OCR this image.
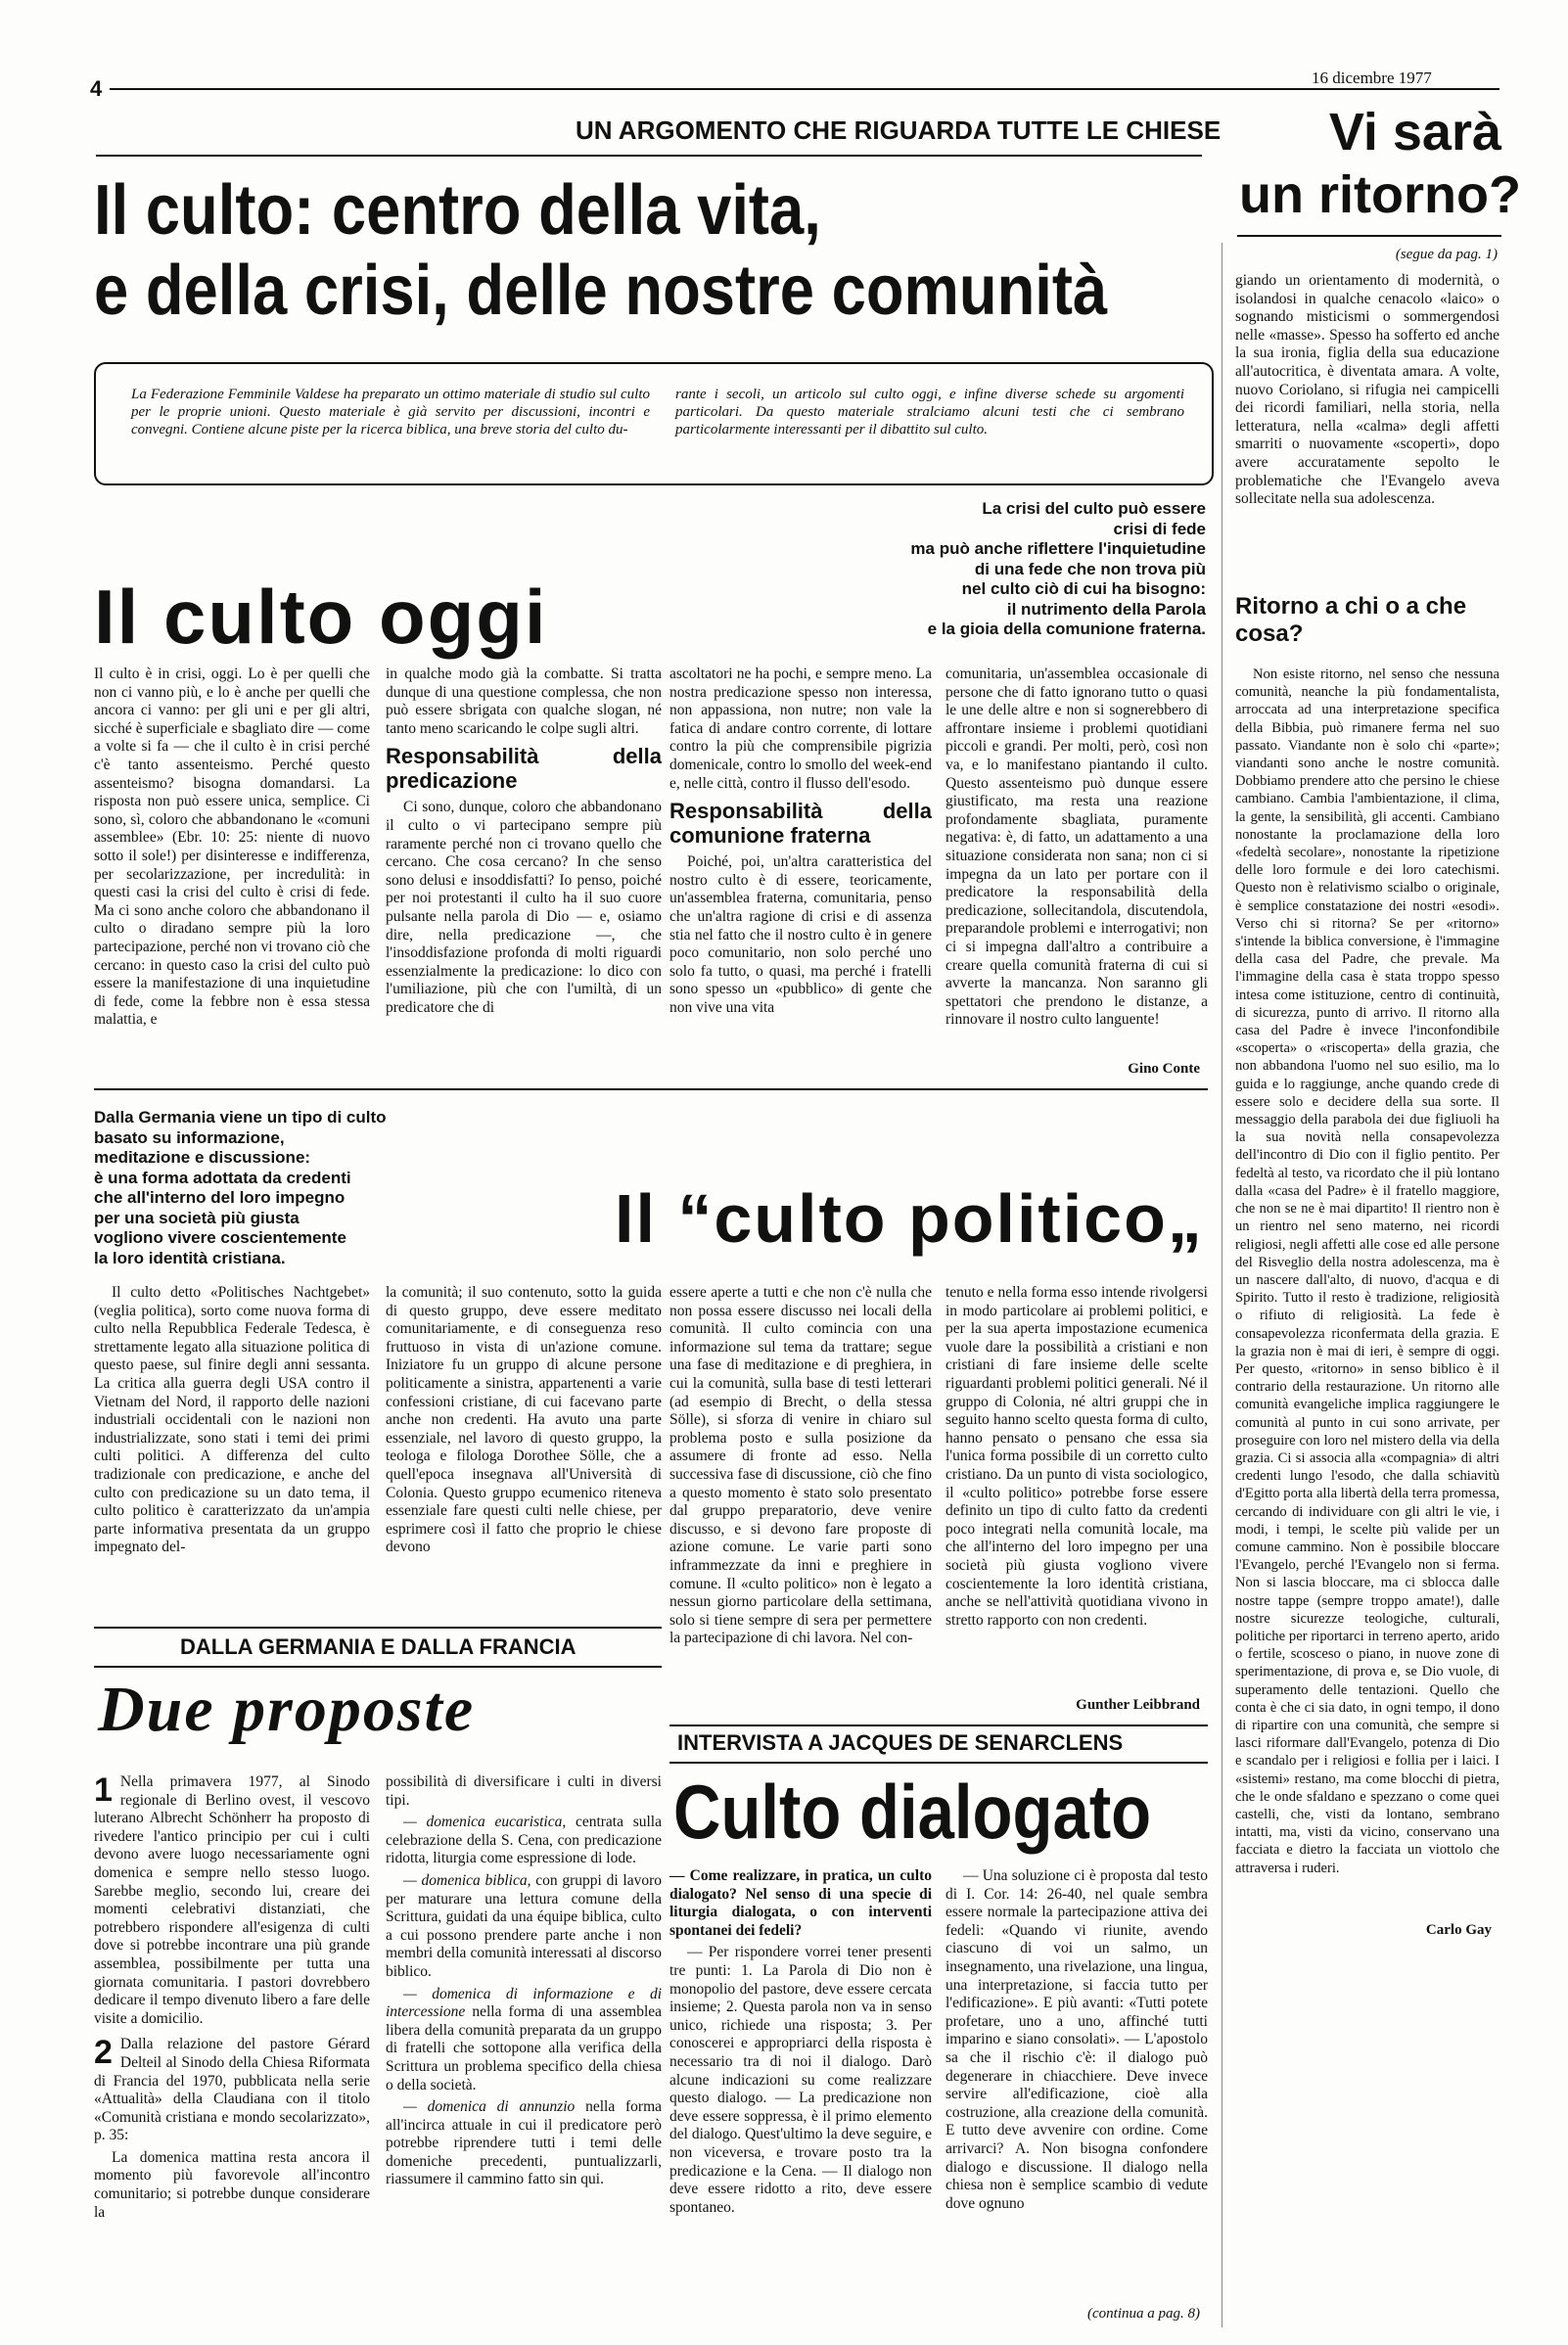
4	16 dicembre 1977
UN ARGOMENTO CHE RIGUARDA TUTTE LE CHIESE
Il culto: centro della vita,
e della crisi, delle nostre comunità
La Federazione Femminile Valdese ha preparato un ottimo materiale di studio sul culto per le proprie unioni. Questo materiale è già servito per discussioni, incontri e convegni. Contiene alcune piste per la ricerca biblica, una breve storia del culto du-
rante i secoli, un articolo sul culto oggi, e infine diverse schede su argomenti particolari. Da questo materiale stralciamo alcuni testi che ci sembrano particolarmente interessanti per il dibattito sul culto.
Il culto oggi
La crisi del culto può essere
crisi di fede
ma può anche riflettere l'inquietudine
di una fede che non trova più
nel culto ciò di cui ha bisogno:
il nutrimento della Parola
e la gioia della comunione fraterna.

Il culto è in crisi, oggi. Lo è per quelli che non ci vanno più, e lo è anche per quelli che ancora ci vanno: per gli uni e per gli altri, sicché è superficiale e sbagliato dire — come a volte si fa — che il culto è in crisi perché c'è tanto assenteismo. Perché questo assenteismo? bisogna domandarsi. La risposta non può essere unica, semplice. Ci sono, sì, coloro che abbandonano le «comuni assemblee» (Ebr. 10: 25: niente di nuovo sotto il sole!) per disinteresse e indifferenza, per secolarizzazione, per incredulità: in questi casi la crisi del culto è crisi di fede. Ma ci sono anche coloro che abbandonano il culto o diradano sempre più la loro partecipazione, perché non vi trovano ciò che cercano: in questo caso la crisi del culto può essere la manifestazione di una inquietudine di fede, come la febbre non è essa stessa malattia, e

in qualche modo già la combatte. Si tratta dunque di una questione complessa, che non può essere sbrigata con qualche slogan, né tanto meno scaricando le colpe sugli altri.

Responsabilità della predicazione

Ci sono, dunque, coloro che abbandonano il culto o vi partecipano sempre più raramente perché non ci trovano quello che cercano. Che cosa cercano? In che senso sono delusi e insoddisfatti? Io penso, poiché per noi protestanti il culto ha il suo cuore pulsante nella parola di Dio — e, osiamo dire, nella predicazione —, che l'insoddisfazione profonda di molti riguardi essenzialmente la predicazione: lo dico con l'umiliazione, più che con l'umiltà, di un predicatore che di

ascoltatori ne ha pochi, e sempre meno. La nostra predicazione spesso non interessa, non appassiona, non nutre; non vale la fatica di andare contro corrente, di lottare contro la più che comprensibile pigrizia domenicale, contro lo smollo del week-end e, nelle città, contro il flusso dell'esodo.

Responsabilità della comunione fraterna

Poiché, poi, un'altra caratteristica del nostro culto è di essere, teoricamente, un'assemblea fraterna, comunitaria, penso che un'altra ragione di crisi e di assenza stia nel fatto che il nostro culto è in genere poco comunitario, non solo perché uno solo fa tutto, o quasi, ma perché i fratelli sono spesso un «pubblico» di gente che non vive una vita

comunitaria, un'assemblea occasionale di persone che di fatto ignorano tutto o quasi le une delle altre e non si sognerebbero di affrontare insieme i problemi quotidiani piccoli e grandi. Per molti, però, così non va, e lo manifestano piantando il culto. Questo assenteismo può dunque essere giustificato, ma resta una reazione profondamente sbagliata, puramente negativa: è, di fatto, un adattamento a una situazione considerata non sana; non ci si impegna da un lato per portare con il predicatore la responsabilità della predicazione, sollecitandola, discutendola, preparandole problemi e interrogativi; non ci si impegna dall'altro a contribuire a creare quella comunità fraterna di cui si avverte la mancanza. Non saranno gli spettatori che prendono le distanze, a rinnovare il nostro culto languente!

Gino Conte
Dalla Germania viene un tipo di culto
basato su informazione,
meditazione e discussione:
è una forma adottata da credenti
che all'interno del loro impegno
per una società più giusta
vogliono vivere coscientemente
la loro identità cristiana.
Il “culto politico„

Il culto detto «Politisches Nachtgebet» (veglia politica), sorto come nuova forma di culto nella Repubblica Federale Tedesca, è strettamente legato alla situazione politica di questo paese, sul finire degli anni sessanta. La critica alla guerra degli USA contro il Vietnam del Nord, il rapporto delle nazioni industriali occidentali con le nazioni non industrializzate, sono stati i temi dei primi culti politici. A differenza del culto tradizionale con predicazione, e anche del culto con predicazione su un dato tema, il culto politico è caratterizzato da un'ampia parte informativa presentata da un gruppo impegnato del-

la comunità; il suo contenuto, sotto la guida di questo gruppo, deve essere meditato comunitariamente, e di conseguenza reso fruttuoso in vista di un'azione comune. Iniziatore fu un gruppo di alcune persone politicamente a sinistra, appartenenti a varie confessioni cristiane, di cui facevano parte anche non credenti. Ha avuto una parte essenziale, nel lavoro di questo gruppo, la teologa e filologa Dorothee Sölle, che a quell'epoca insegnava all'Università di Colonia. Questo gruppo ecumenico riteneva essenziale fare questi culti nelle chiese, per esprimere così il fatto che proprio le chiese devono

essere aperte a tutti e che non c'è nulla che non possa essere discusso nei locali della comunità. Il culto comincia con una informazione sul tema da trattare; segue una fase di meditazione e di preghiera, in cui la comunità, sulla base di testi letterari (ad esempio di Brecht, o della stessa Sölle), si sforza di venire in chiaro sul problema posto e sulla posizione da assumere di fronte ad esso. Nella successiva fase di discussione, ciò che fino a questo momento è stato solo presentato dal gruppo preparatorio, deve venire discusso, e si devono fare proposte di azione comune. Le varie parti sono inframmezzate da inni e preghiere in comune. Il «culto politico» non è legato a nessun giorno particolare della settimana, solo si tiene sempre di sera per permettere la partecipazione di chi lavora. Nel con-

tenuto e nella forma esso intende rivolgersi in modo particolare ai problemi politici, e per la sua aperta impostazione ecumenica vuole dare la possibilità a cristiani e non cristiani di fare insieme delle scelte riguardanti problemi politici generali. Né il gruppo di Colonia, né altri gruppi che in seguito hanno scelto questa forma di culto, hanno pensato o pensano che essa sia l'unica forma possibile di un corretto culto cristiano. Da un punto di vista sociologico, il «culto politico» potrebbe forse essere definito un tipo di culto fatto da credenti poco integrati nella comunità locale, ma che all'interno del loro impegno per una società più giusta vogliono vivere coscientemente la loro identità cristiana, anche se nell'attività quotidiana vivono in stretto rapporto con non credenti.

Gunther Leibbrand
DALLA GERMANIA E DALLA FRANCIA
Due proposte

1 Nella primavera 1977, al Sinodo regionale di Berlino ovest, il vescovo luterano Albrecht Schönherr ha proposto di rivedere l'antico principio per cui i culti devono avere luogo necessariamente ogni domenica e sempre nello stesso luogo. Sarebbe meglio, secondo lui, creare dei momenti celebrativi distanziati, che potrebbero rispondere all'esigenza di culti dove si potrebbe incontrare una più grande assemblea, possibilmente per tutta una giornata comunitaria. I pastori dovrebbero dedicare il tempo divenuto libero a fare delle visite a domicilio.

2 Dalla relazione del pastore Gérard Delteil al Sinodo della Chiesa Riformata di Francia del 1970, pubblicata nella serie «Attualità» della Claudiana con il titolo «Comunità cristiana e mondo secolarizzato», p. 35:

La domenica mattina resta ancora il momento più favorevole all'incontro comunitario; si potrebbe dunque considerare la

possibilità di diversificare i culti in diversi tipi.

— domenica eucaristica, centrata sulla celebrazione della S. Cena, con predicazione ridotta, liturgia come espressione di lode.

— domenica biblica, con gruppi di lavoro per maturare una lettura comune della Scrittura, guidati da una équipe biblica, culto a cui possono prendere parte anche i non membri della comunità interessati al discorso biblico.

— domenica di informazione e di intercessione nella forma di una assemblea libera della comunità preparata da un gruppo di fratelli che sottopone alla verifica della Scrittura un problema specifico della chiesa o della società.

— domenica di annunzio nella forma all'incirca attuale in cui il predicatore però potrebbe riprendere tutti i temi delle domeniche precedenti, puntualizzarli, riassumere il cammino fatto sin qui.

INTERVISTA A JACQUES DE SENARCLENS
Culto dialogato

— Come realizzare, in pratica, un culto dialogato? Nel senso di una specie di liturgia dialogata, o con interventi spontanei dei fedeli?

— Per rispondere vorrei tener presenti tre punti: 1. La Parola di Dio non è monopolio del pastore, deve essere cercata insieme; 2. Questa parola non va in senso unico, richiede una risposta; 3. Per conoscerei e appropriarci della risposta è necessario tra di noi il dialogo. Darò alcune indicazioni su come realizzare questo dialogo. — La predicazione non deve essere soppressa, è il primo elemento del dialogo. Quest'ultimo la deve seguire, e non viceversa, e trovare posto tra la predicazione e la Cena. — Il dialogo non deve essere ridotto a rito, deve essere spontaneo.

— Una soluzione ci è proposta dal testo di I. Cor. 14: 26-40, nel quale sembra essere normale la partecipazione attiva dei fedeli: «Quando vi riunite, avendo ciascuno di voi un salmo, un insegnamento, una rivelazione, una lingua, una interpretazione, si faccia tutto per l'edificazione». E più avanti: «Tutti potete profetare, uno a uno, affinché tutti imparino e siano consolati». — L'apostolo sa che il rischio c'è: il dialogo può degenerare in chiacchiere. Deve invece servire all'edificazione, cioè alla costruzione, alla creazione della comunità. E tutto deve avvenire con ordine. Come arrivarci? A. Non bisogna confondere dialogo e discussione. Il dialogo nella chiesa non è semplice scambio di vedute dove ognuno

(continua a pag. 8)
Vi sarà
un ritorno?
(segue da pag. 1)

giando un orientamento di modernità, o isolandosi in qualche cenacolo «laico» o sognando misticismi o sommergendosi nelle «masse». Spesso ha sofferto ed anche la sua ironia, figlia della sua educazione all'autocritica, è diventata amara. A volte, nuovo Coriolano, si rifugia nei campicelli dei ricordi familiari, nella storia, nella letteratura, nella «calma» degli affetti smarriti o nuovamente «scoperti», dopo avere accuratamente sepolto le problematiche che l'Evangelo aveva sollecitate nella sua adolescenza.

Ritorno a chi o a che cosa?

Non esiste ritorno, nel senso che nessuna comunità, neanche la più fondamentalista, arroccata ad una interpretazione specifica della Bibbia, può rimanere ferma nel suo passato. Viandante non è solo chi «parte»; viandanti sono anche le nostre comunità. Dobbiamo prendere atto che persino le chiese cambiano. Cambia l'ambientazione, il clima, la gente, la sensibilità, gli accenti. Cambiano nonostante la proclamazione della loro «fedeltà secolare», nonostante la ripetizione delle loro formule e dei loro catechismi. Questo non è relativismo scialbo o originale, è semplice constatazione dei nostri «esodi». Verso chi si ritorna? Se per «ritorno» s'intende la biblica conversione, è l'immagine della casa del Padre, che prevale. Ma l'immagine della casa è stata troppo spesso intesa come istituzione, centro di continuità, di sicurezza, punto di arrivo. Il ritorno alla casa del Padre è invece l'inconfondibile «scoperta» o «riscoperta» della grazia, che non abbandona l'uomo nel suo esilio, ma lo guida e lo raggiunge, anche quando crede di essere solo e decidere della sua sorte. Il messaggio della parabola dei due figliuoli ha la sua novità nella consapevolezza dell'incontro di Dio con il figlio pentito. Per fedeltà al testo, va ricordato che il più lontano dalla «casa del Padre» è il fratello maggiore, che non se ne è mai dipartito! Il rientro non è un rientro nel seno materno, nei ricordi religiosi, negli affetti alle cose ed alle persone del Risveglio della nostra adolescenza, ma è un nascere dall'alto, di nuovo, d'acqua e di Spirito. Tutto il resto è tradizione, religiosità o rifiuto di religiosità. La fede è consapevolezza riconfermata della grazia. E la grazia non è mai di ieri, è sempre di oggi. Per questo, «ritorno» in senso biblico è il contrario della restaurazione. Un ritorno alle comunità evangeliche implica raggiungere le comunità al punto in cui sono arrivate, per proseguire con loro nel mistero della via della grazia. Ci si associa alla «compagnia» di altri credenti lungo l'esodo, che dalla schiavitù d'Egitto porta alla libertà della terra promessa, cercando di individuare con gli altri le vie, i modi, i tempi, le scelte più valide per un comune cammino. Non è possibile bloccare l'Evangelo, perché l'Evangelo non si ferma. Non si lascia bloccare, ma ci sblocca dalle nostre tappe (sempre troppo amate!), dalle nostre sicurezze teologiche, culturali, politiche per riportarci in terreno aperto, arido o fertile, scosceso o piano, in nuove zone di sperimentazione, di prova e, se Dio vuole, di superamento delle tentazioni. Quello che conta è che ci sia dato, in ogni tempo, il dono di ripartire con una comunità, che sempre si lasci riformare dall'Evangelo, potenza di Dio e scandalo per i religiosi e follia per i laici. I «sistemi» restano, ma come blocchi di pietra, che le onde sfaldano e spezzano o come quei castelli, che, visti da lontano, sembrano intatti, ma, visti da vicino, conservano una facciata e dietro la facciata un viottolo che attraversa i ruderi.

Carlo Gay
